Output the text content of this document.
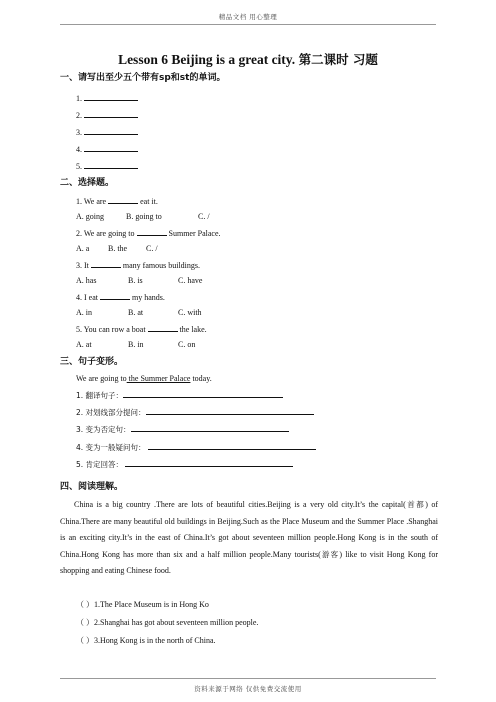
精品文档 用心整理
Lesson 6 Beijing is a great city. 第二课时 习题
一、请写出至少五个带有sp和st的单词。
1.
2.
3.
4.
5.
二、选择题。
1. We are	eat it.
A. going	B. going to	C. /
2. We are going to	Summer Palace.
A. a B. the C. /
3. It	many famous buildings.
A. has	B. is	C. have
4. I eat	my hands.
A. in	B. at	C. with
5. You can row a boat	the lake.
A. at	B. in	C. on
三、句子变形。
We are going to the Summer Palace today.
1. 翻译句子：
2. 对划线部分提问：
3. 变为否定句：
4. 变为一般疑问句：
5. 肯定回答：
四、阅读理解。

China is a big country .There are lots of beautiful cities.Beijing is a very old city.It’s the capital(首都) of China.There are many beautiful old buildings in Beijing.Such as the Place Museum and the Summer Place .Shanghai is an exciting city.It’s in the east of China.It’s got about seventeen million people.Hong Kong is in the south of China.Hong Kong has more than six and a half million people.Many tourists(游客) like to visit Hong Kong for shopping and eating Chinese food.

（ ）1.The Place Museum is in Hong Ko
（ ）2.Shanghai has got about seventeen million people.
（ ）3.Hong Kong is in the north of China.
资料来源于网络 仅供免费交流使用
